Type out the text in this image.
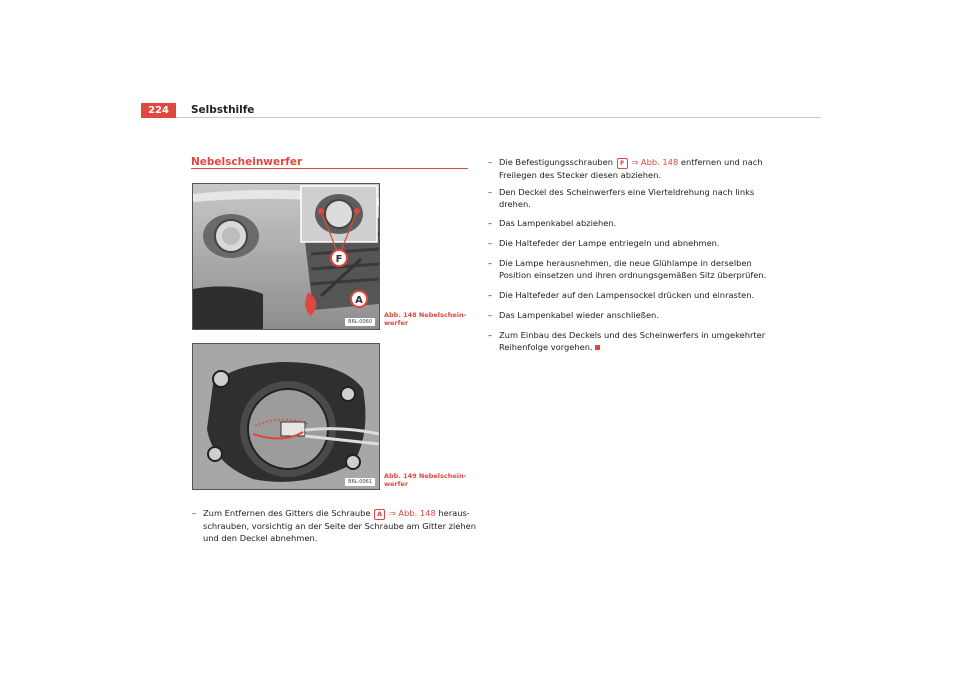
224	Selbsthilfe
Nebelscheinwerfer
F
A
B6L-0060
Abb. 148 Nebelschein-
werfer
B6L-0061
Abb. 149 Nebelschein-
werfer
– Zum Entfernen des Gitters die Schraube A ⇒ Abb. 148 heraus-
schrauben, vorsichtig an der Seite der Schraube am Gitter ziehen
und den Deckel abnehmen.
– Die Befestigungsschrauben F ⇒ Abb. 148 entfernen und nach
Freilegen des Stecker diesen abziehen.
– Den Deckel des Scheinwerfers eine Vierteldrehung nach links
drehen.
– Das Lampenkabel abziehen.
– Die Haltefeder der Lampe entriegeln und abnehmen.
– Die Lampe herausnehmen, die neue Glühlampe in derselben
Position einsetzen und ihren ordnungsgemäßen Sitz überprüfen.
– Die Haltefeder auf den Lampensockel drücken und einrasten.
– Das Lampenkabel wieder anschließen.
– Zum Einbau des Deckels und des Scheinwerfers in umgekehrter
Reihenfolge vorgehen.
